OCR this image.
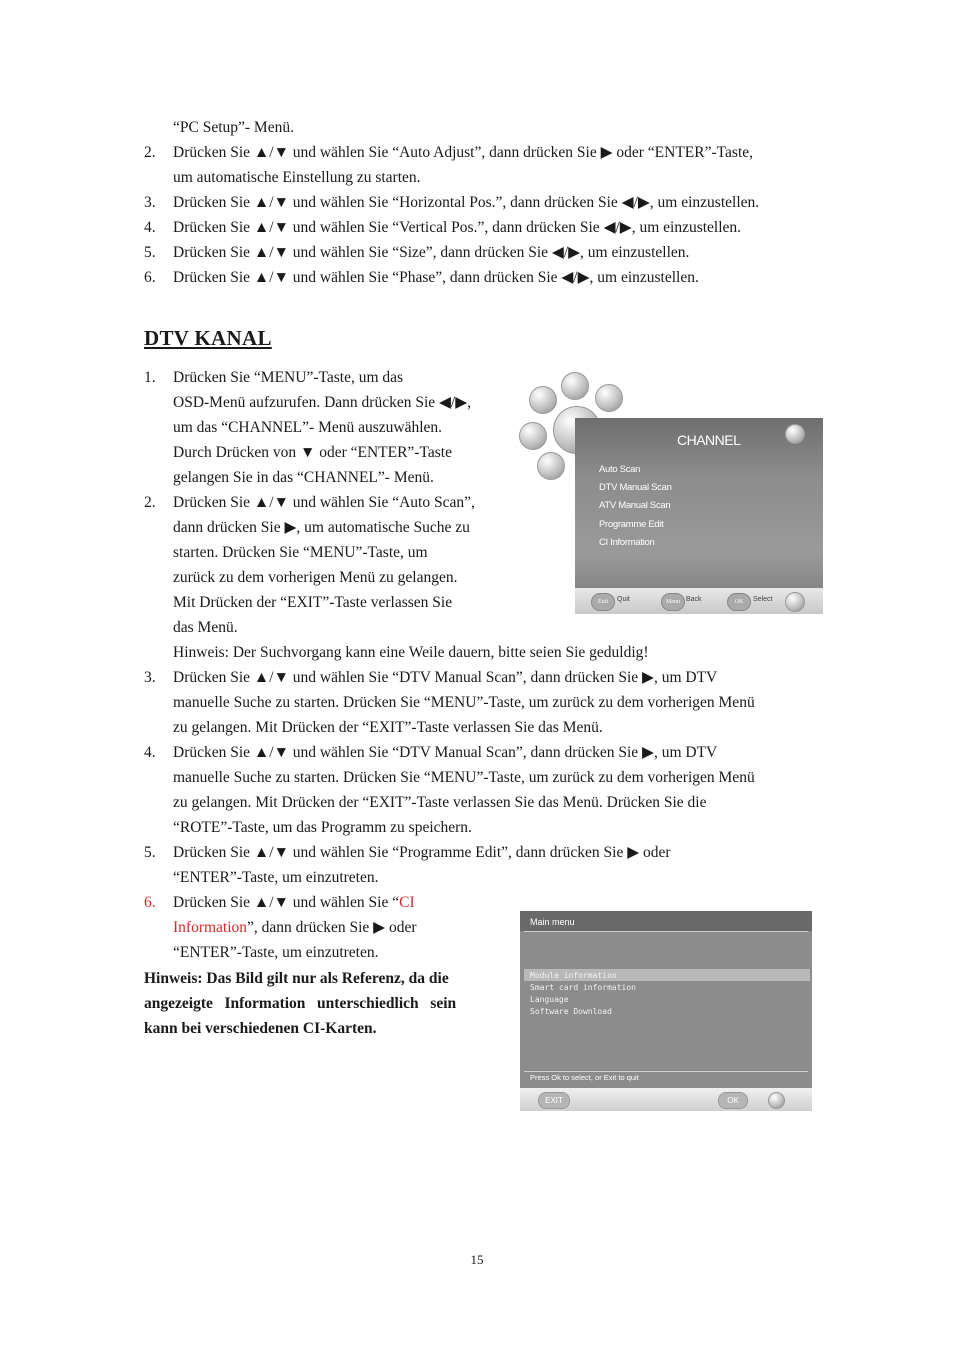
“PC Setup”- Menü.
2. Drücken Sie ▲/▼ und wählen Sie “Auto Adjust”, dann drücken Sie ▶ oder “ENTER”-Taste,
um automatische Einstellung zu starten.
3. Drücken Sie ▲/▼ und wählen Sie “Horizontal Pos.”, dann drücken Sie ◀/▶, um einzustellen.
4. Drücken Sie ▲/▼ und wählen Sie “Vertical Pos.”, dann drücken Sie ◀/▶, um einzustellen.
5. Drücken Sie ▲/▼ und wählen Sie “Size”, dann drücken Sie ◀/▶, um einzustellen.
6. Drücken Sie ▲/▼ und wählen Sie “Phase”, dann drücken Sie ◀/▶, um einzustellen.
DTV KANAL
1. Drücken Sie “MENU”-Taste, um das
OSD-Menü aufzurufen. Dann drücken Sie ◀/▶,
um das “CHANNEL”- Menü auszuwählen.
Durch Drücken von ▼ oder “ENTER”-Taste
gelangen Sie in das “CHANNEL”- Menü.
2. Drücken Sie ▲/▼ und wählen Sie “Auto Scan”,
dann drücken Sie ▶, um automatische Suche zu
starten. Drücken Sie “MENU”-Taste, um
zurück zu dem vorherigen Menü zu gelangen.
Mit Drücken der “EXIT”-Taste verlassen Sie
das Menü.
Hinweis: Der Suchvorgang kann eine Weile dauern, bitte seien Sie geduldig!
3. Drücken Sie ▲/▼ und wählen Sie “DTV Manual Scan”, dann drücken Sie ▶, um DTV
manuelle Suche zu starten. Drücken Sie “MENU”-Taste, um zurück zu dem vorherigen Menü
zu gelangen. Mit Drücken der “EXIT”-Taste verlassen Sie das Menü.
4. Drücken Sie ▲/▼ und wählen Sie “DTV Manual Scan”, dann drücken Sie ▶, um DTV
manuelle Suche zu starten. Drücken Sie “MENU”-Taste, um zurück zu dem vorherigen Menü
zu gelangen. Mit Drücken der “EXIT”-Taste verlassen Sie das Menü. Drücken Sie die
“ROTE”-Taste, um das Programm zu speichern.
5. Drücken Sie ▲/▼ und wählen Sie “Programme Edit”, dann drücken Sie ▶ oder
“ENTER”-Taste, um einzutreten.
6. Drücken Sie ▲/▼ und wählen Sie “CI
Information”, dann drücken Sie ▶ oder
“ENTER”-Taste, um einzutreten.
Hinweis: Das Bild gilt nur als Referenz, da die
angezeigte   Information   unterschiedlich   sein
kann bei verschiedenen CI-Karten.
CHANNEL
Auto Scan
DTV Manual Scan
ATV Manual Scan
Programme Edit
CI Information
Exit	Quit	Menu Back	OK	Select
Main menu
Module information
Smart card information
Language
Software Download
Press Ok to select, or Exit to quit
EXIT	OK
15
